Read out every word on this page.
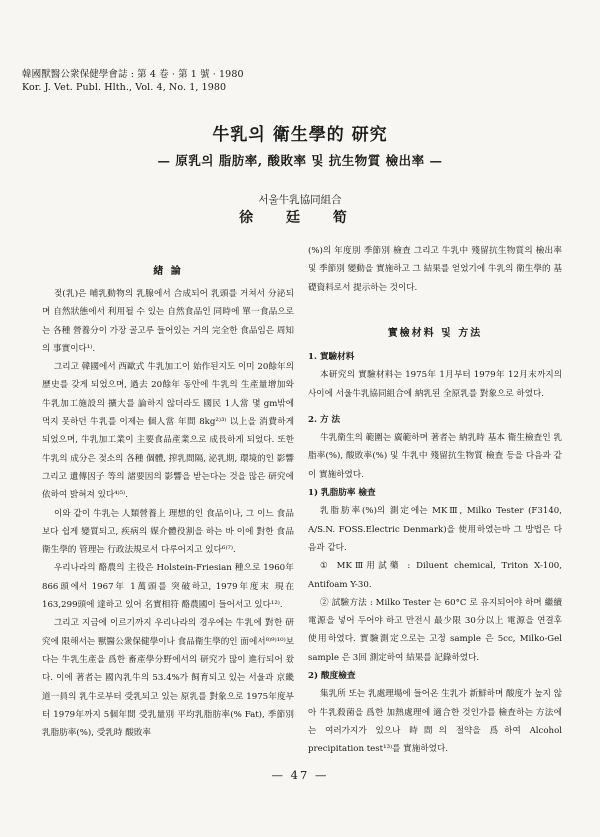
韓國獸醫公衆保健學會誌 : 第 4 卷 · 第 1 號 · 1980
Kor. J. Vet. Publ. Hlth., Vol. 4, No. 1, 1980
牛乳의 衛生學的 研究
— 原乳의 脂肪率, 酸敗率 및 抗生物質 檢出率 —
서울牛乳協同組合
徐 廷 筍
緖 論

젖(乳)은 哺乳動物의 乳腺에서 合成되어 乳頭를 거쳐서 分泌되며 自然狀態에서 利用될 수 있는 自然食品인 同時에 單一食品으로는 各種 營養分이 가장 골고루 들어있는 거의 完全한 食品임은 周知의 事實이다¹⁾.

그리고 韓國에서 西歐式 牛乳加工이 始作된지도 이미 20餘年의 歷史를 갖게 되었으며, 過去 20餘年 동안에 牛乳의 生產量增加와 牛乳加工施設의 擴大를 論하지 않더라도 國民 1人當 몇 gm밖에 먹지 못하던 牛乳를 이제는 個人當 年間 8kg²⁾³⁾ 以上을 消費하게 되었으며, 牛乳加工業이 主要食品產業으로 成長하게 되었다. 또한 牛乳의 成分은 젖소의 各種 個體, 搾乳間隔, 泌乳期, 環境的인 影響 그리고 遺傳因子 等의 諸要因의 影響을 받는다는 것을 많은 研究에 依하여 밝혀져 있다⁴⁾⁵⁾.

이와 같이 牛乳는 人類營養上 理想的인 食品이나, 그 이느 食品보다 쉽게 變質되고, 疾病의 媒介體役割을 하는 바 이에 對한 食品衛生學的 管理는 行政法規로서 다루어지고 있다⁶⁾⁷⁾.

우리나라의 酪農의 主役은 Holstein-Friesian 種으로 1960年 866頭에서 1967年 1萬頭를 突破하고, 1979年度末 現在 163,299頭에 達하고 있어 名實相符 酪農國이 들어서고 있다¹²⁾.

그리고 지금에 이르기까지 우리나라의 경우에는 牛乳에 對한 研究에 限해서는 獸醫公衆保健學이나 食品衛生學的인 面에서⁸⁾⁹⁾¹⁰⁾보다는 牛乳生產을 爲한 畜產學分野에서의 研究가 많이 進行되어 왔다. 이에 著者는 國內乳牛의 53.4%가 飼育되고 있는 서울과 京畿道一員의 乳牛로부터 受乳되고 있는 原乳를 對象으로 1975年度부터 1979年까지 5個年間 受乳量別 平均乳脂肪率(% Fat), 季節別 乳脂肪率(%), 受乳時 酸敗率

(%)의 年度別 季節別 檢査 그리고 牛乳中 殘留抗生物質의 檢出率 및 季節別 變動을 實施하고 그 結果를 얻었기에 牛乳의 衛生學的 基礎資料로서 提示하는 것이다.

實檢材料 및 方法

1. 實驗材料

本研究의 實驗材料는 1975年 1月부터 1979年 12月末까지의 사이에 서울牛乳協同組合에 納乳된 全原乳를 對象으로 하였다.

2. 方 法

牛乳衛生의 範圍는 廣範하며 著者는 納乳時 基本 衛生檢査인 乳脂率(%), 酸敗率(%) 및 牛乳中 殘留抗生物質 檢査 등을 다음과 같이 實施하였다.

1) 乳脂肪率 檢査

乳脂肪率(%)의 測定에는 MKⅢ, Milko Tester (F3140, A/S.N. FOSS.Electric Denmark)을 使用하였는바 그 방법은 다음과 같다.

① MKⅢ用試藥 : Diluent chemical, Triton X-100, Antifoam Y-30.

② 試驗方法 : Milko Tester 는 60°C 로 유지되어야 하며 繼續 電源을 넣어 두어야 하고 만전시 最少限 30分以上 電源을 연결후 使用하였다. 實驗測定으로는 고정 sample 은 5cc, Milko-Gel sample 은 3回 測定하여 結果를 記錄하였다.

2) 酸度檢査

集乳所 또는 乳處理場에 들어온 生乳가 新鮮하며 酸度가 높지 않아 牛乳殺菌을 爲한 加熱處理에 適合한 것인가를 檢査하는 方法에는 여러가지가 있으나 時間의 절약을 爲하여 Alcohol precipitation test¹³⁾를 實施하였다.

— 47 —
